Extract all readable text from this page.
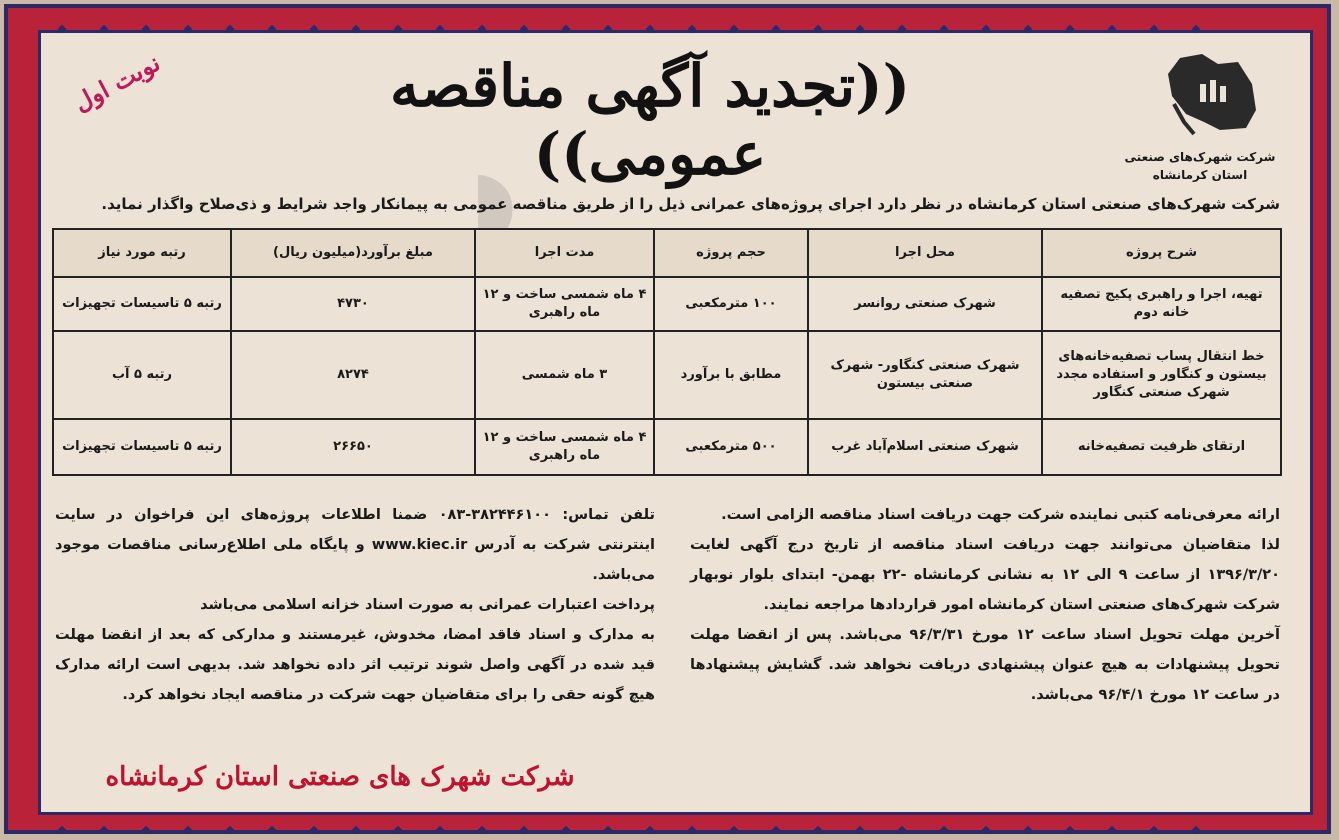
نوبت اول	((تجدید آگهی مناقصه عمومی))	شرکت شهرک‌های صنعتی
استان کرمانشاه
شرکت شهرک‌های صنعتی استان کرمانشاه در نظر دارد اجرای پروژه‌های عمرانی ذیل را از طریق مناقصه عمومی به پیمانکار واجد شرایط و ذی‌صلاح واگذار نماید.
شرح پروژه	محل اجرا	حجم پروژه	مدت اجرا	مبلغ برآورد(میلیون ریال)	رتبه مورد نیاز
تهیه، اجرا و راهبری پکیج تصفیه خانه دوم	شهرک صنعتی روانسر	۱۰۰ مترمکعبی	۴ ماه شمسی ساخت و ۱۲ ماه راهبری	۴۷۳۰	رتبه ۵ تاسیسات تجهیزات
خط انتقال پساب تصفیه‌خانه‌های بیستون و کنگاور و استفاده مجدد شهرک صنعتی کنگاور	شهرک صنعتی کنگاور- شهرک صنعتی بیستون	مطابق با برآورد	۳ ماه شمسی	۸۲۷۴	رتبه ۵ آب
ارتقای ظرفیت تصفیه‌خانه	شهرک صنعتی اسلام‌آباد غرب	۵۰۰ مترمکعبی	۴ ماه شمسی ساخت و ۱۲ ماه راهبری	۲۶۶۵۰	رتبه ۵ تاسیسات تجهیزات

ارائه معرفی‌نامه کتبی نماینده شرکت جهت دریافت اسناد مناقصه الزامی است.

لذا متقاضیان می‌توانند جهت دریافت اسناد مناقصه از تاریخ درج آگهی لغایت ۱۳۹۶/۳/۲۰ از ساعت ۹ الی ۱۲ به نشانی کرمانشاه -۲۲ بهمن- ابتدای بلوار نوبهار شرکت شهرک‌های صنعتی استان کرمانشاه امور قراردادها مراجعه نمایند.

آخرین مهلت تحویل اسناد ساعت ۱۲ مورخ ۹۶/۳/۳۱ می‌باشد. پس از انقضا مهلت تحویل پیشنهادات به هیچ عنوان پیشنهادی دریافت نخواهد شد. گشایش پیشنهادها در ساعت ۱۲ مورخ ۹۶/۴/۱ می‌باشد.

تلفن تماس: ۳۸۲۴۴۶۱۰۰-۰۸۳ ضمنا اطلاعات پروژه‌های این فراخوان در سایت اینترنتی شرکت به آدرس www.kiec.ir و پایگاه ملی اطلاع‌رسانی مناقصات موجود می‌باشد.

پرداخت اعتبارات عمرانی به صورت اسناد خزانه اسلامی می‌باشد

به مدارک و اسناد فاقد امضا، مخدوش، غیرمستند و مدارکی که بعد از انقضا مهلت قید شده در آگهی واصل شوند ترتیب اثر داده نخواهد شد. بدیهی است ارائه مدارک هیچ گونه حقی را برای متقاضیان جهت شرکت در مناقصه ایجاد نخواهد کرد.

شرکت شهرک های صنعتی استان کرمانشاه
